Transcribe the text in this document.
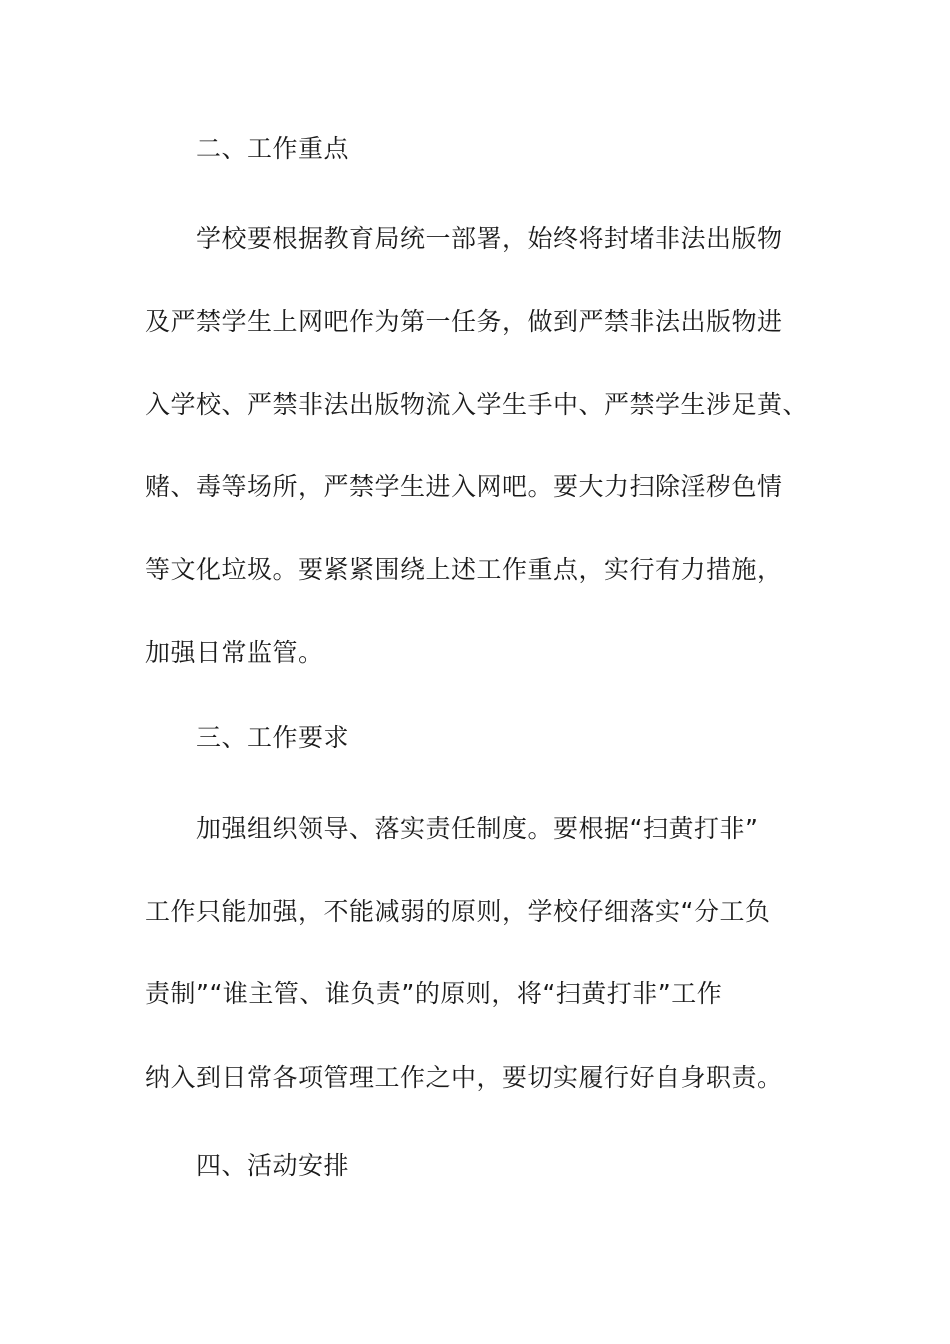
二、工作重点
学校要根据教育局统一部署，始终将封堵非法出版物
及严禁学生上网吧作为第一任务，做到严禁非法出版物进
入学校、严禁非法出版物流入学生手中、严禁学生涉足黄、
赌、毒等场所，严禁学生进入网吧。要大力扫除淫秽色情
等文化垃圾。要紧紧围绕上述工作重点，实行有力措施，
加强日常监管。
三、工作要求
加强组织领导、落实责任制度。要根据“扫黄打非”
工作只能加强，不能减弱的原则，学校仔细落实“分工负
责制”“谁主管、谁负责”的原则，将“扫黄打非”工作
纳入到日常各项管理工作之中，要切实履行好自身职责。
四、活动安排
